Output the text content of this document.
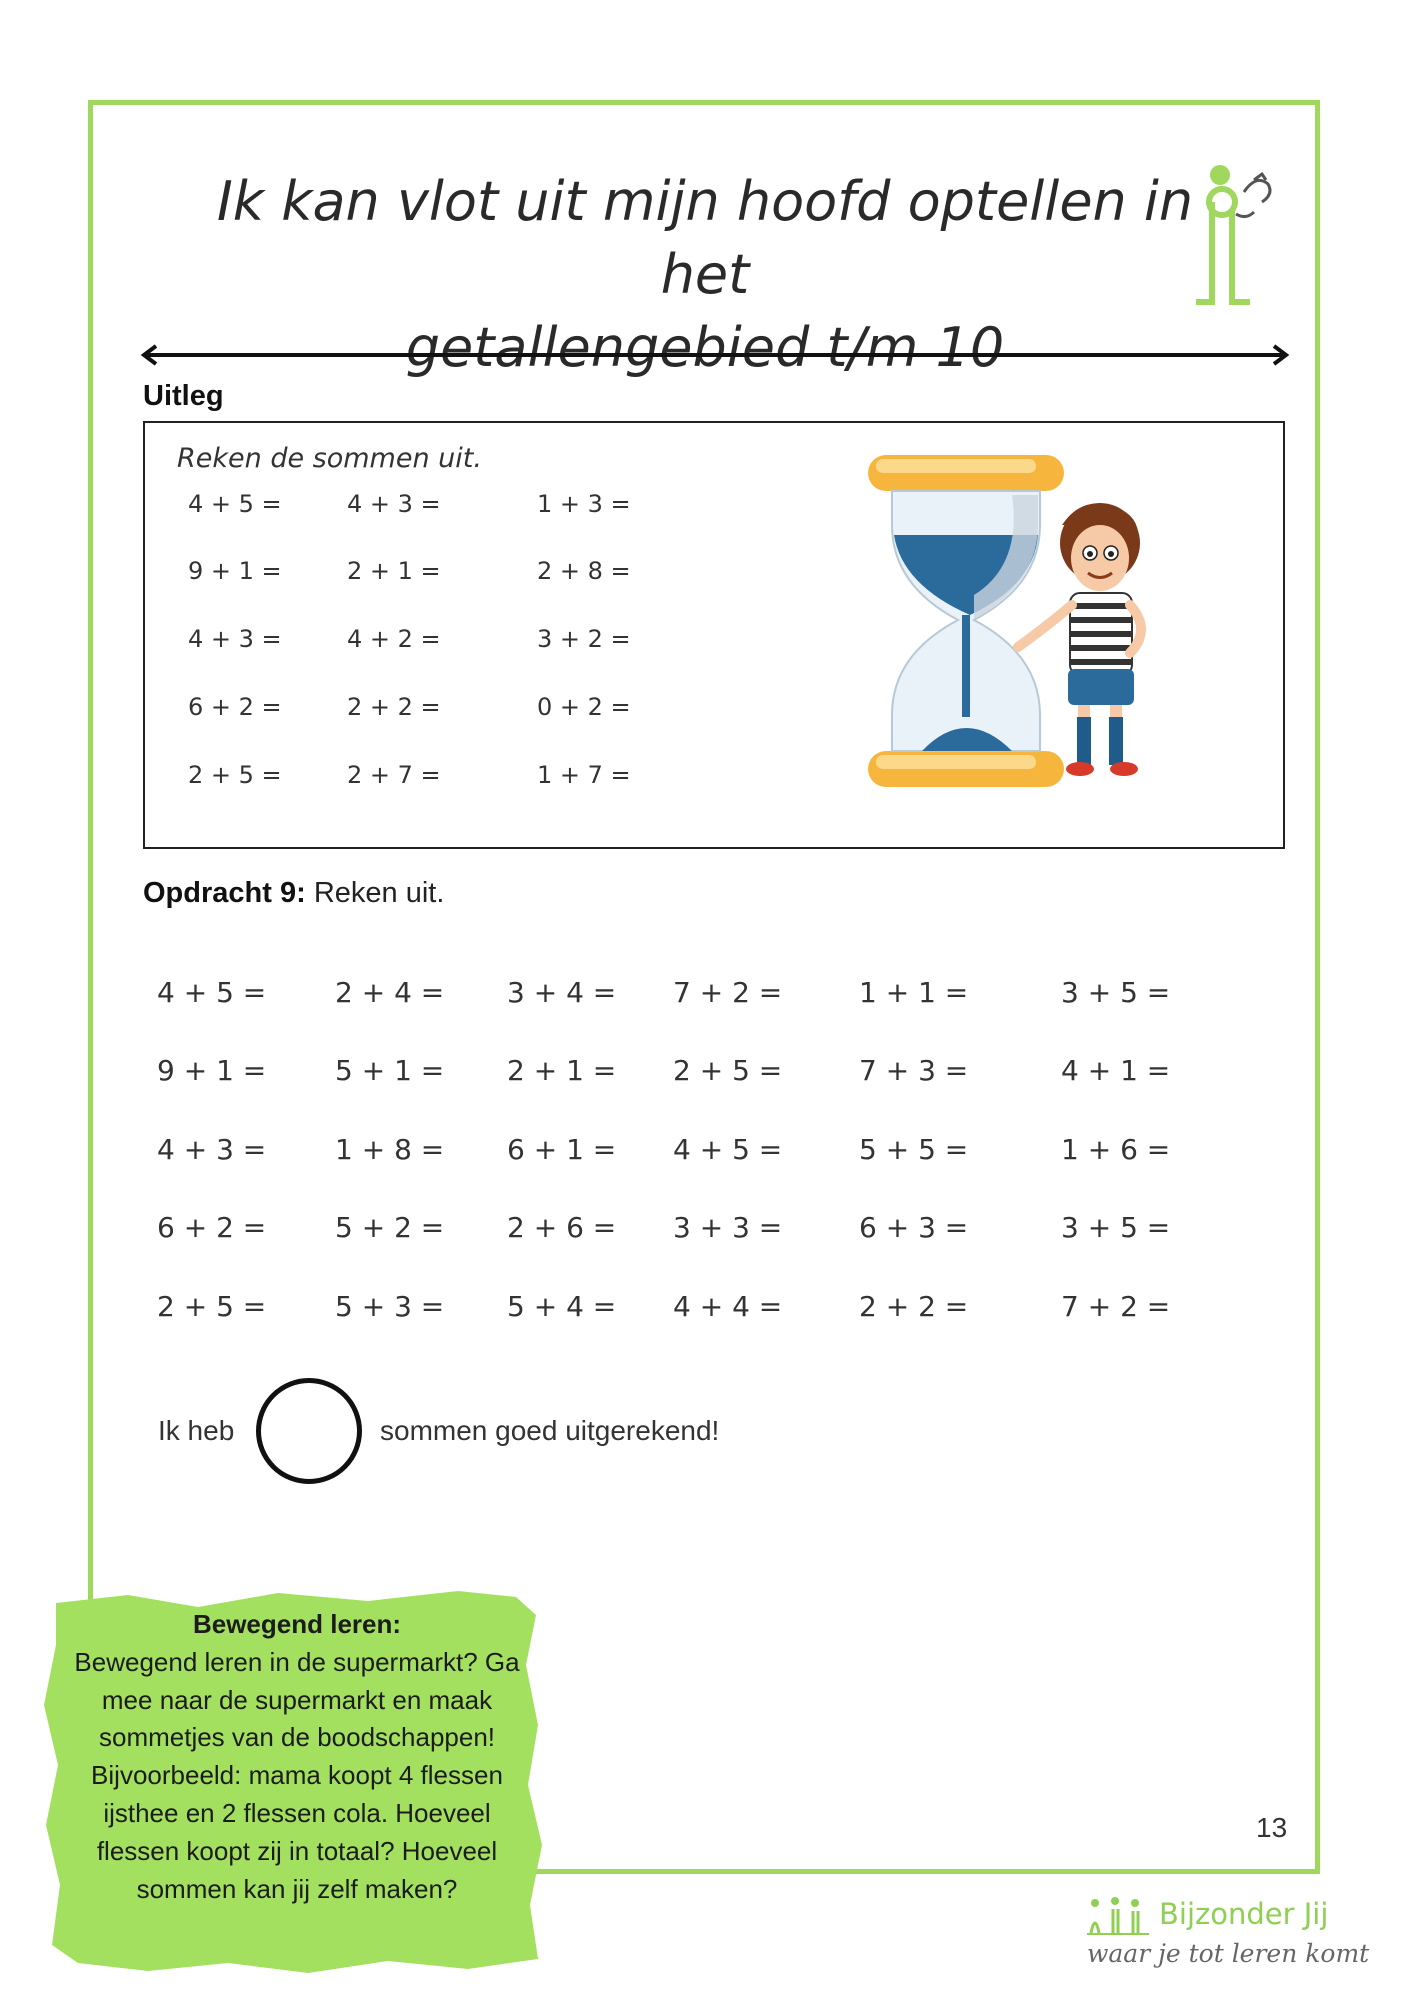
Ik kan vlot uit mijn hoofd optellen in het
getallengebied t/m 10
Uitleg
Reken de sommen uit.
4 + 5 =
9 + 1 =
4 + 3 =
6 + 2 =
2 + 5 =
4 + 3 =
2 + 1 =
4 + 2 =
2 + 2 =
2 + 7 =
1 + 3 =
2 + 8 =
3 + 2 =
0 + 2 =
1 + 7 =
Opdracht 9: Reken uit.
4 + 5 =
9 + 1 =
4 + 3 =
6 + 2 =
2 + 5 =
2 + 4 =
5 + 1 =
1 + 8 =
5 + 2 =
5 + 3 =
3 + 4 =
2 + 1 =
6 + 1 =
2 + 6 =
5 + 4 =
7 + 2 =
2 + 5 =
4 + 5 =
3 + 3 =
4 + 4 =
1 + 1 =
7 + 3 =
5 + 5 =
6 + 3 =
2 + 2 =
3 + 5 =
4 + 1 =
1 + 6 =
3 + 5 =
7 + 2 =
Ik heb	sommen goed uitgerekend!
Bewegend leren:
Bewegend leren in de supermarkt? Ga mee naar de supermarkt en maak sommetjes van de boodschappen! Bijvoorbeeld: mama koopt 4 flessen ijsthee en 2 flessen cola. Hoeveel flessen koopt zij in totaal? Hoeveel sommen kan jij zelf maken?
13
Bijzonder Jij
waar je tot leren komt
